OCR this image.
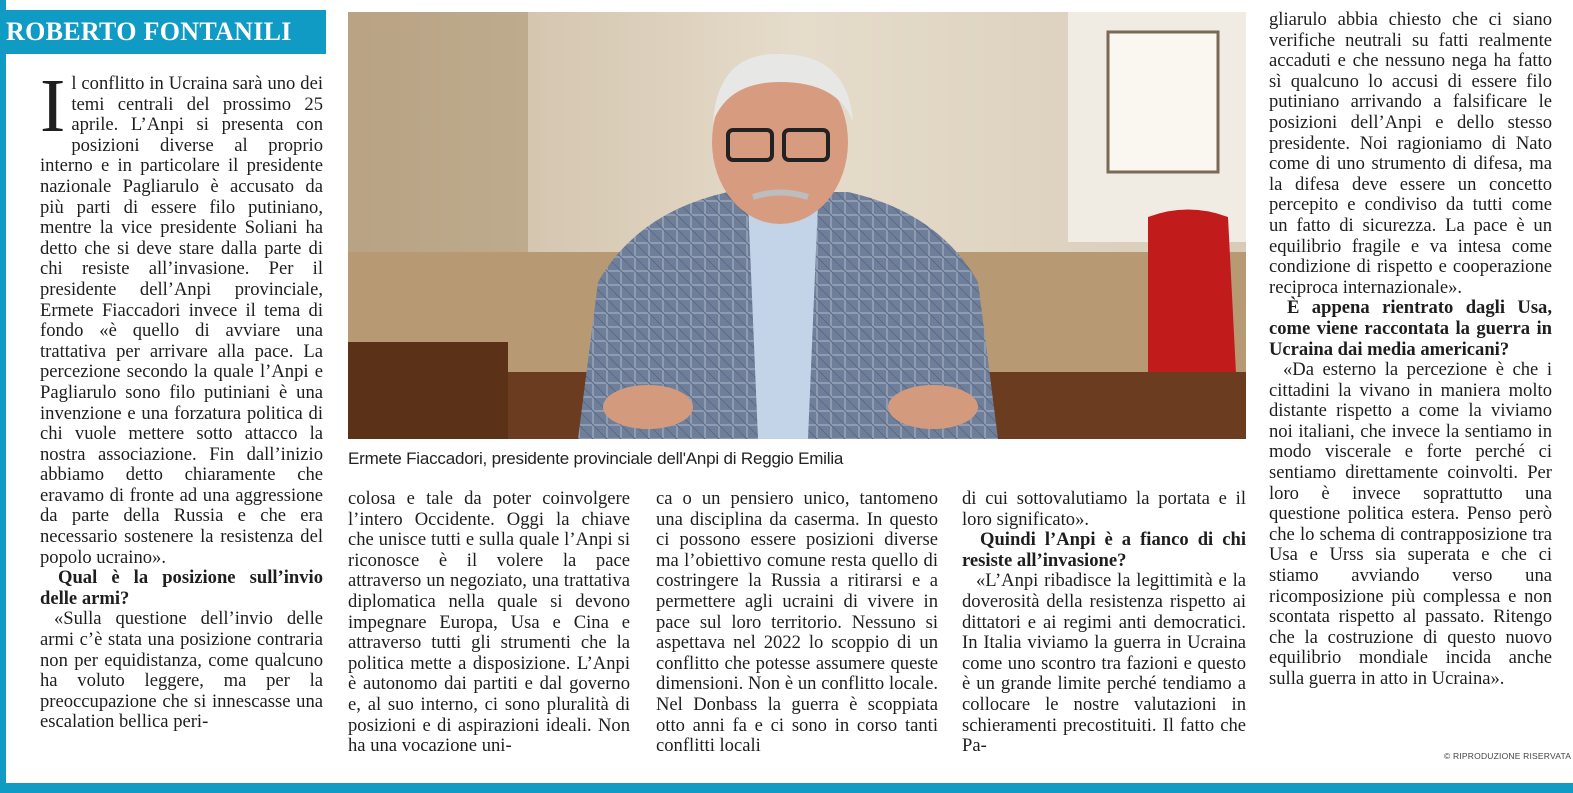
ROBERTO FONTANILI

Il conflitto in Ucraina sarà uno dei temi centrali del prossimo 25 aprile. L’Anpi si presenta con posizioni diverse al proprio interno e in particolare il presidente nazionale Pagliarulo è accusato da più parti di essere filo putiniano, mentre la vice presidente Soliani ha detto che si deve stare dalla parte di chi resiste all’invasione. Per il presidente dell’Anpi provinciale, Ermete Fiaccadori invece il tema di fondo «è quello di avviare una trattativa per arrivare alla pace. La percezione secondo la quale l’Anpi e Pagliarulo sono filo putiniani è una invenzione e una forzatura politica di chi vuole mettere sotto attacco la nostra associazione. Fin dall’inizio abbiamo detto chiaramente che eravamo di fronte ad una aggressione da parte della Russia e che era necessario sostenere la resistenza del popolo ucraino».

Qual è la posizione sull’invio delle armi?

«Sulla questione dell’invio delle armi c’è stata una posizione contraria non per equidistanza, come qualcuno ha voluto leggere, ma per la preoccupazione che si innescasse una escalation bellica peri-

Ermete Fiaccadori, presidente provinciale dell'Anpi di Reggio Emilia

colosa e tale da poter coinvolgere l’intero Occidente. Oggi la chiave che unisce tutti e sulla quale l’Anpi si riconosce è il volere la pace attraverso un negoziato, una trattativa diplomatica nella quale si devono impegnare Europa, Usa e Cina e attraverso tutti gli strumenti che la politica mette a disposizione. L’Anpi è autonomo dai partiti e dal governo e, al suo interno, ci sono pluralità di posizioni e di aspirazioni ideali. Non ha una vocazione uni-

ca o un pensiero unico, tantomeno una disciplina da caserma. In questo ci possono essere posizioni diverse ma l’obiettivo comune resta quello di costringere la Russia a ritirarsi e a permettere agli ucraini di vivere in pace sul loro territorio. Nessuno si aspettava nel 2022 lo scoppio di un conflitto che potesse assumere queste dimensioni. Non è un conflitto locale. Nel Donbass la guerra è scoppiata otto anni fa e ci sono in corso tanti conflitti locali

di cui sottovalutiamo la portata e il loro significato».

Quindi l’Anpi è a fianco di chi resiste all’invasione?

«L’Anpi ribadisce la legittimità e la doverosità della resistenza rispetto ai dittatori e ai regimi anti democratici. In Italia viviamo la guerra in Ucraina come uno scontro tra fazioni e questo è un grande limite perché tendiamo a collocare le nostre valutazioni in schieramenti precostituiti. Il fatto che Pa-

gliarulo abbia chiesto che ci siano verifiche neutrali su fatti realmente accaduti e che nessuno nega ha fatto sì qualcuno lo accusi di essere filo putiniano arrivando a falsificare le posizioni dell’Anpi e dello stesso presidente. Noi ragioniamo di Nato come di uno strumento di difesa, ma la difesa deve essere un concetto percepito e condiviso da tutti come un fatto di sicurezza. La pace è un equilibrio fragile e va intesa come condizione di rispetto e cooperazione reciproca internazionale».

È appena rientrato dagli Usa, come viene raccontata la guerra in Ucraina dai media americani?

«Da esterno la percezione è che i cittadini la vivano in maniera molto distante rispetto a come la viviamo noi italiani, che invece la sentiamo in modo viscerale e forte perché ci sentiamo direttamente coinvolti. Per loro è invece soprattutto una questione politica estera. Penso però che lo schema di contrapposizione tra Usa e Urss sia superata e che ci stiamo avviando verso una ricomposizione più complessa e non scontata rispetto al passato. Ritengo che la costruzione di questo nuovo equilibrio mondiale incida anche sulla guerra in atto in Ucraina».

© RIPRODUZIONE RISERVATA
